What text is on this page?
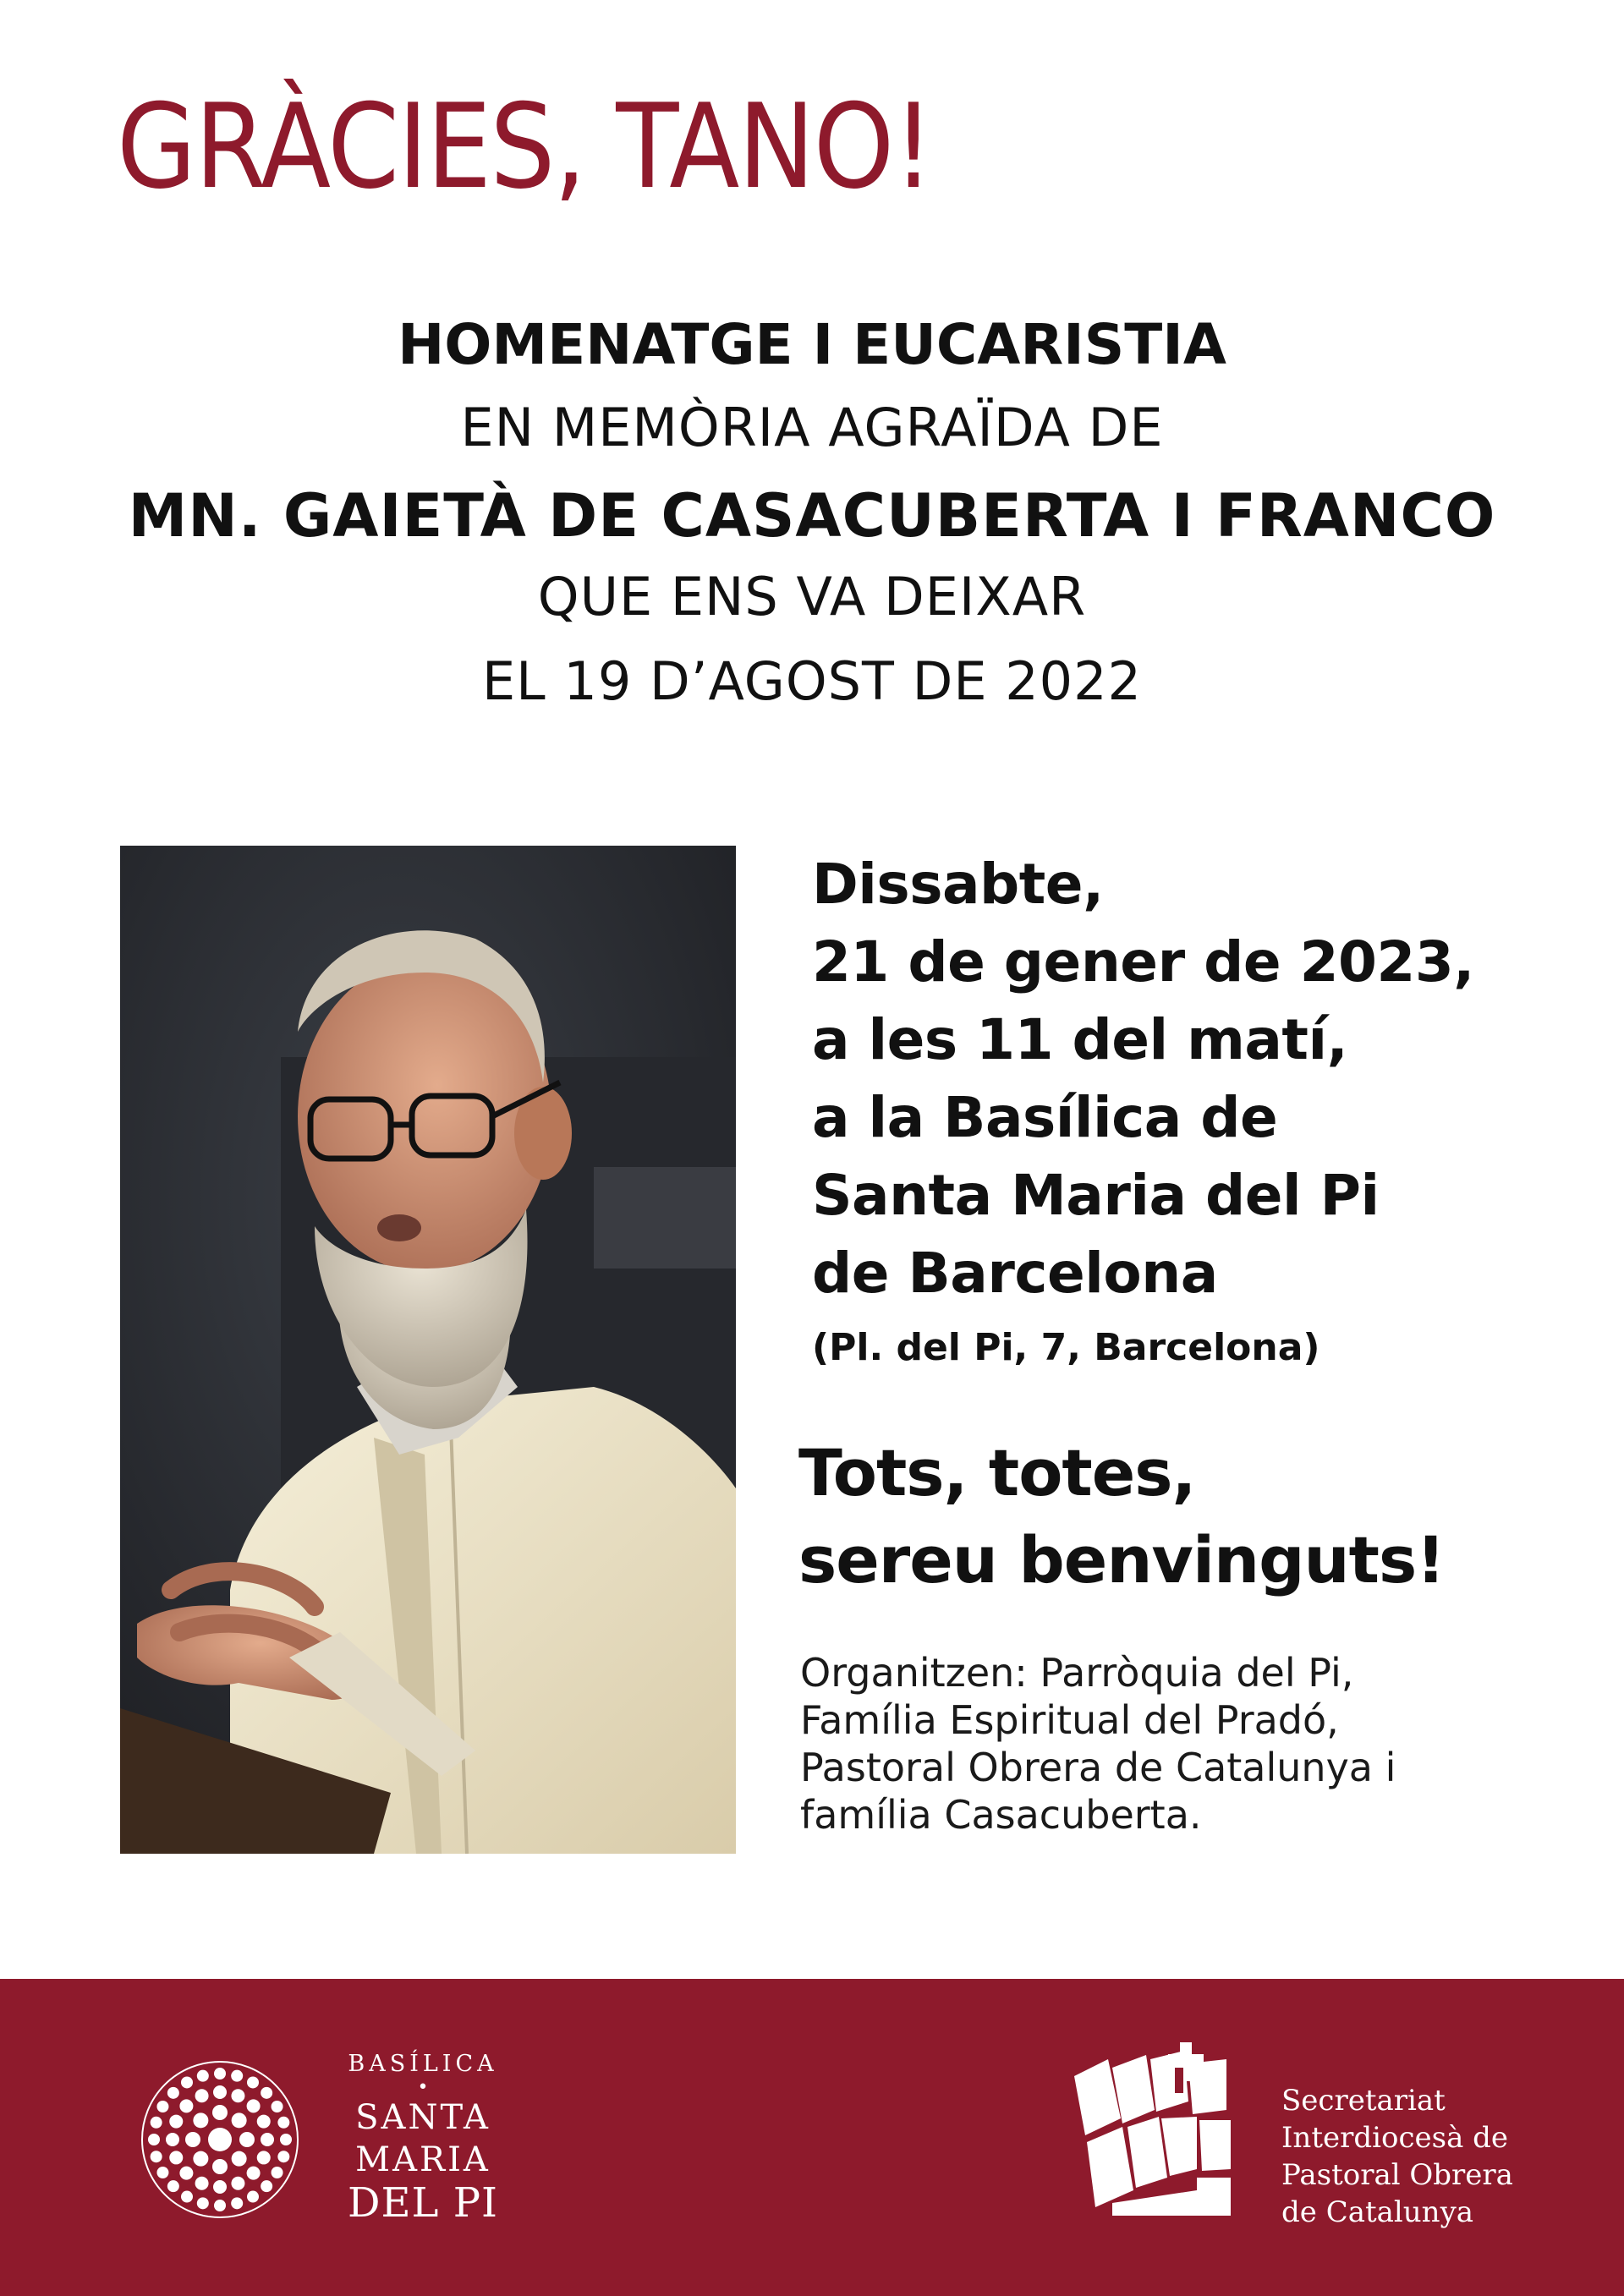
GRÀCIES, TANO!
HOMENATGE I EUCARISTIA
EN MEMÒRIA AGRAÏDA DE
MN. GAIETÀ DE CASACUBERTA I FRANCO
QUE ENS VA DEIXAR
EL 19 D’AGOST DE 2022
Dissabte,
21 de gener de 2023,
a les 11 del matí,
a la Basílica de
Santa Maria del Pi
de Barcelona
(Pl. del Pi, 7, Barcelona)
Tots, totes,
sereu benvinguts!
Organitzen: Parròquia del Pi,
Família Espiritual del Pradó,
Pastoral Obrera de Catalunya i
família Casacuberta.
BASÍLICA
•
SANTA
MARIA
DEL PI
Secretariat
Interdiocesà de
Pastoral Obrera
de Catalunya
